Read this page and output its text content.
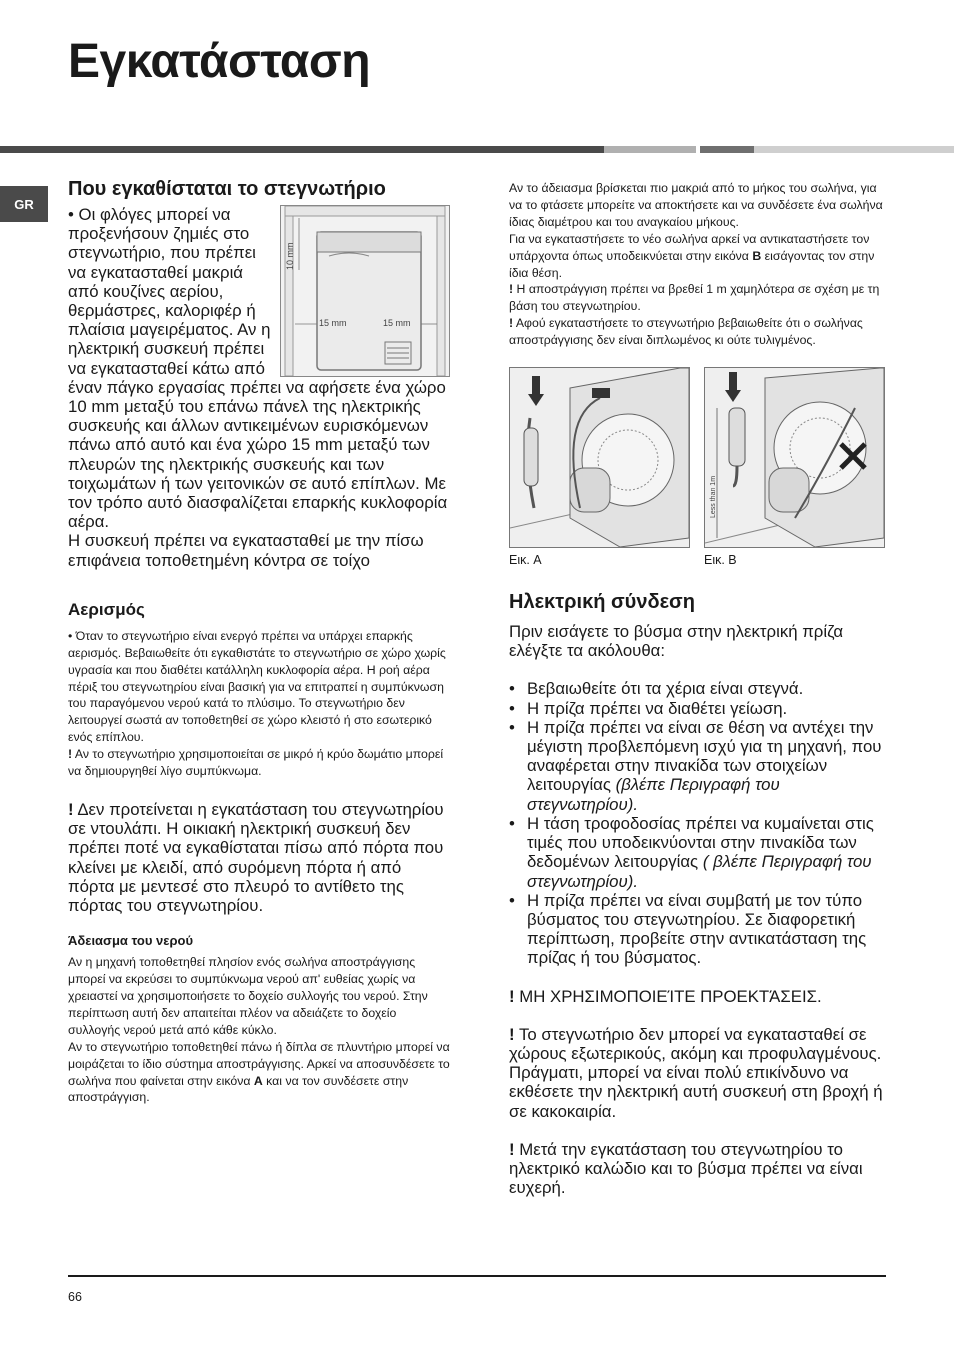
Εγκατάσταση
GR
Που εγκαθίσταται το στεγνωτήριο
10 mm
15 mm	15 mm

• Οι φλόγες μπορεί να προξενήσουν ζημιές στο στεγνωτήριο, που πρέπει να εγκατασταθεί μακριά από κουζίνες αερίου, θερμάστρες, καλοριφέρ ή πλαίσια μαγειρέματος. Αν η ηλεκτρική συσκευή πρέπει να εγκατασταθεί κάτω από έναν πάγκο εργασίας πρέπει να αφήσετε ένα χώρο 10 mm μεταξύ του επάνω πάνελ της ηλεκτρικής συσκευής και άλλων αντικειμένων ευρισκόμενων πάνω από αυτό και ένα χώρο 15 mm μεταξύ των πλευρών της ηλεκτρικής συσκευής και των τοιχωμάτων ή των γειτονικών σε αυτό επίπλων. Με τον τρόπο αυτό διασφαλίζεται επαρκής κυκλοφορία αέρα.

Η συσκευή πρέπει να εγκατασταθεί με την πίσω επιφάνεια τοποθετημένη κόντρα σε τοίχο

Αερισμός

• Όταν το στεγνωτήριο είναι ενεργό πρέπει να υπάρχει επαρκής αερισμός. Βεβαιωθείτε ότι εγκαθιστάτε το στεγνωτήριο σε χώρο χωρίς υγρασία και που διαθέτει κατάλληλη κυκλοφορία αέρα. Η ροή αέρα πέριξ του στεγνωτηρίου είναι βασική για να επιτραπεί η συμπύκνωση του παραγόμενου νερού κατά το πλύσιμο. Το στεγνωτήριο δεν λειτουργεί σωστά αν τοποθετηθεί σε χώρο κλειστό ή στο εσωτερικό ενός επίπλου.

! Αν το στεγνωτήριο χρησιμοποιείται σε μικρό ή κρύο δωμάτιο μπορεί να δημιουργηθεί λίγο συμπύκνωμα.

! Δεν προτείνεται η εγκατάσταση του στεγνωτηρίου σε ντουλάπι. Η οικιακή ηλεκτρική συσκευή δεν πρέπει ποτέ να εγκαθίσταται πίσω από πόρτα που κλείνει με κλειδί, από συρόμενη πόρτα ή από πόρτα με μεντεσέ στο πλευρό το αντίθετο της πόρτας του στεγνωτηρίου.

Άδειασμα του νερού

Αν η μηχανή τοποθετηθεί πλησίον ενός σωλήνα αποστράγγισης μπορεί να εκρεύσει το συμπύκνωμα νερού απ' ευθείας χωρίς να χρειαστεί να χρησιμοποιήσετε το δοχείο συλλογής του νερού. Στην περίπτωση αυτή δεν απαιτείται πλέον να αδειάζετε το δοχείο συλλογής νερού μετά από κάθε κύκλο.

Αν το στεγνωτήριο τοποθετηθεί πάνω ή δίπλα σε πλυντήριο μπορεί να μοιράζεται το ίδιο σύστημα αποστράγγισης. Αρκεί να αποσυνδέσετε το σωλήνα που φαίνεται στην εικόνα A και να τον συνδέσετε στην αποστράγγιση.

Αν το άδειασμα βρίσκεται πιο μακριά από το μήκος του σωλήνα, για να το φτάσετε μπορείτε να αποκτήσετε και να συνδέσετε ένα σωλήνα ίδιας διαμέτρου και του αναγκαίου μήκους.

Για να εγκαταστήσετε το νέο σωλήνα αρκεί να αντικαταστήσετε τον υπάρχοντα όπως υποδεικνύεται στην εικόνα B εισάγοντας τον στην ίδια θέση.

! Η αποστράγγιση πρέπει να βρεθεί 1 m χαμηλότερα σε σχέση με τη βάση του στεγνωτηρίου.

! Αφού εγκαταστήσετε το στεγνωτήριο βεβαιωθείτε ότι ο σωλήνας αποστράγγισης δεν είναι διπλωμένος κι ούτε τυλιγμένος.

Εικ. A
Less than 1m
Εικ. B
Ηλεκτρική σύνδεση

Πριν εισάγετε το βύσμα στην ηλεκτρική πρίζα ελέγξτε τα ακόλουθα:

• Βεβαιωθείτε ότι τα χέρια είναι στεγνά.
• Η πρίζα πρέπει να διαθέτει γείωση.
• Η πρίζα πρέπει να είναι σε θέση να αντέχει την μέγιστη προβλεπόμενη ισχύ για τη μηχανή, που αναφέρεται στην πινακίδα των στοιχείων λειτουργίας (βλέπε Περιγραφή του στεγνωτηρίου).
• Η τάση τροφοδοσίας πρέπει να κυμαίνεται στις τιμές που υποδεικνύονται στην πινακίδα των δεδομένων λειτουργίας ( βλέπε Περιγραφή του στεγνωτηρίου).
• Η πρίζα πρέπει να είναι συμβατή με τον τύπο βύσματος του στεγνωτηρίου. Σε διαφορετική περίπτωση, προβείτε στην αντικατάσταση της πρίζας ή του βύσματος.

! ΜΗ ΧΡΗΣΙΜΟΠΟΙΕΊΤΕ ΠΡΟΕΚΤΆΣΕΙΣ.

! Το στεγνωτήριο δεν μπορεί να εγκατασταθεί σε χώρους εξωτερικούς, ακόμη και προφυλαγμένους. Πράγματι, μπορεί να είναι πολύ επικίνδυνο να εκθέσετε την ηλεκτρική αυτή συσκευή στη βροχή ή σε κακοκαιρία.

! Μετά την εγκατάσταση του στεγνωτηρίου το ηλεκτρικό καλώδιο και το βύσμα πρέπει να είναι ευχερή.

66
